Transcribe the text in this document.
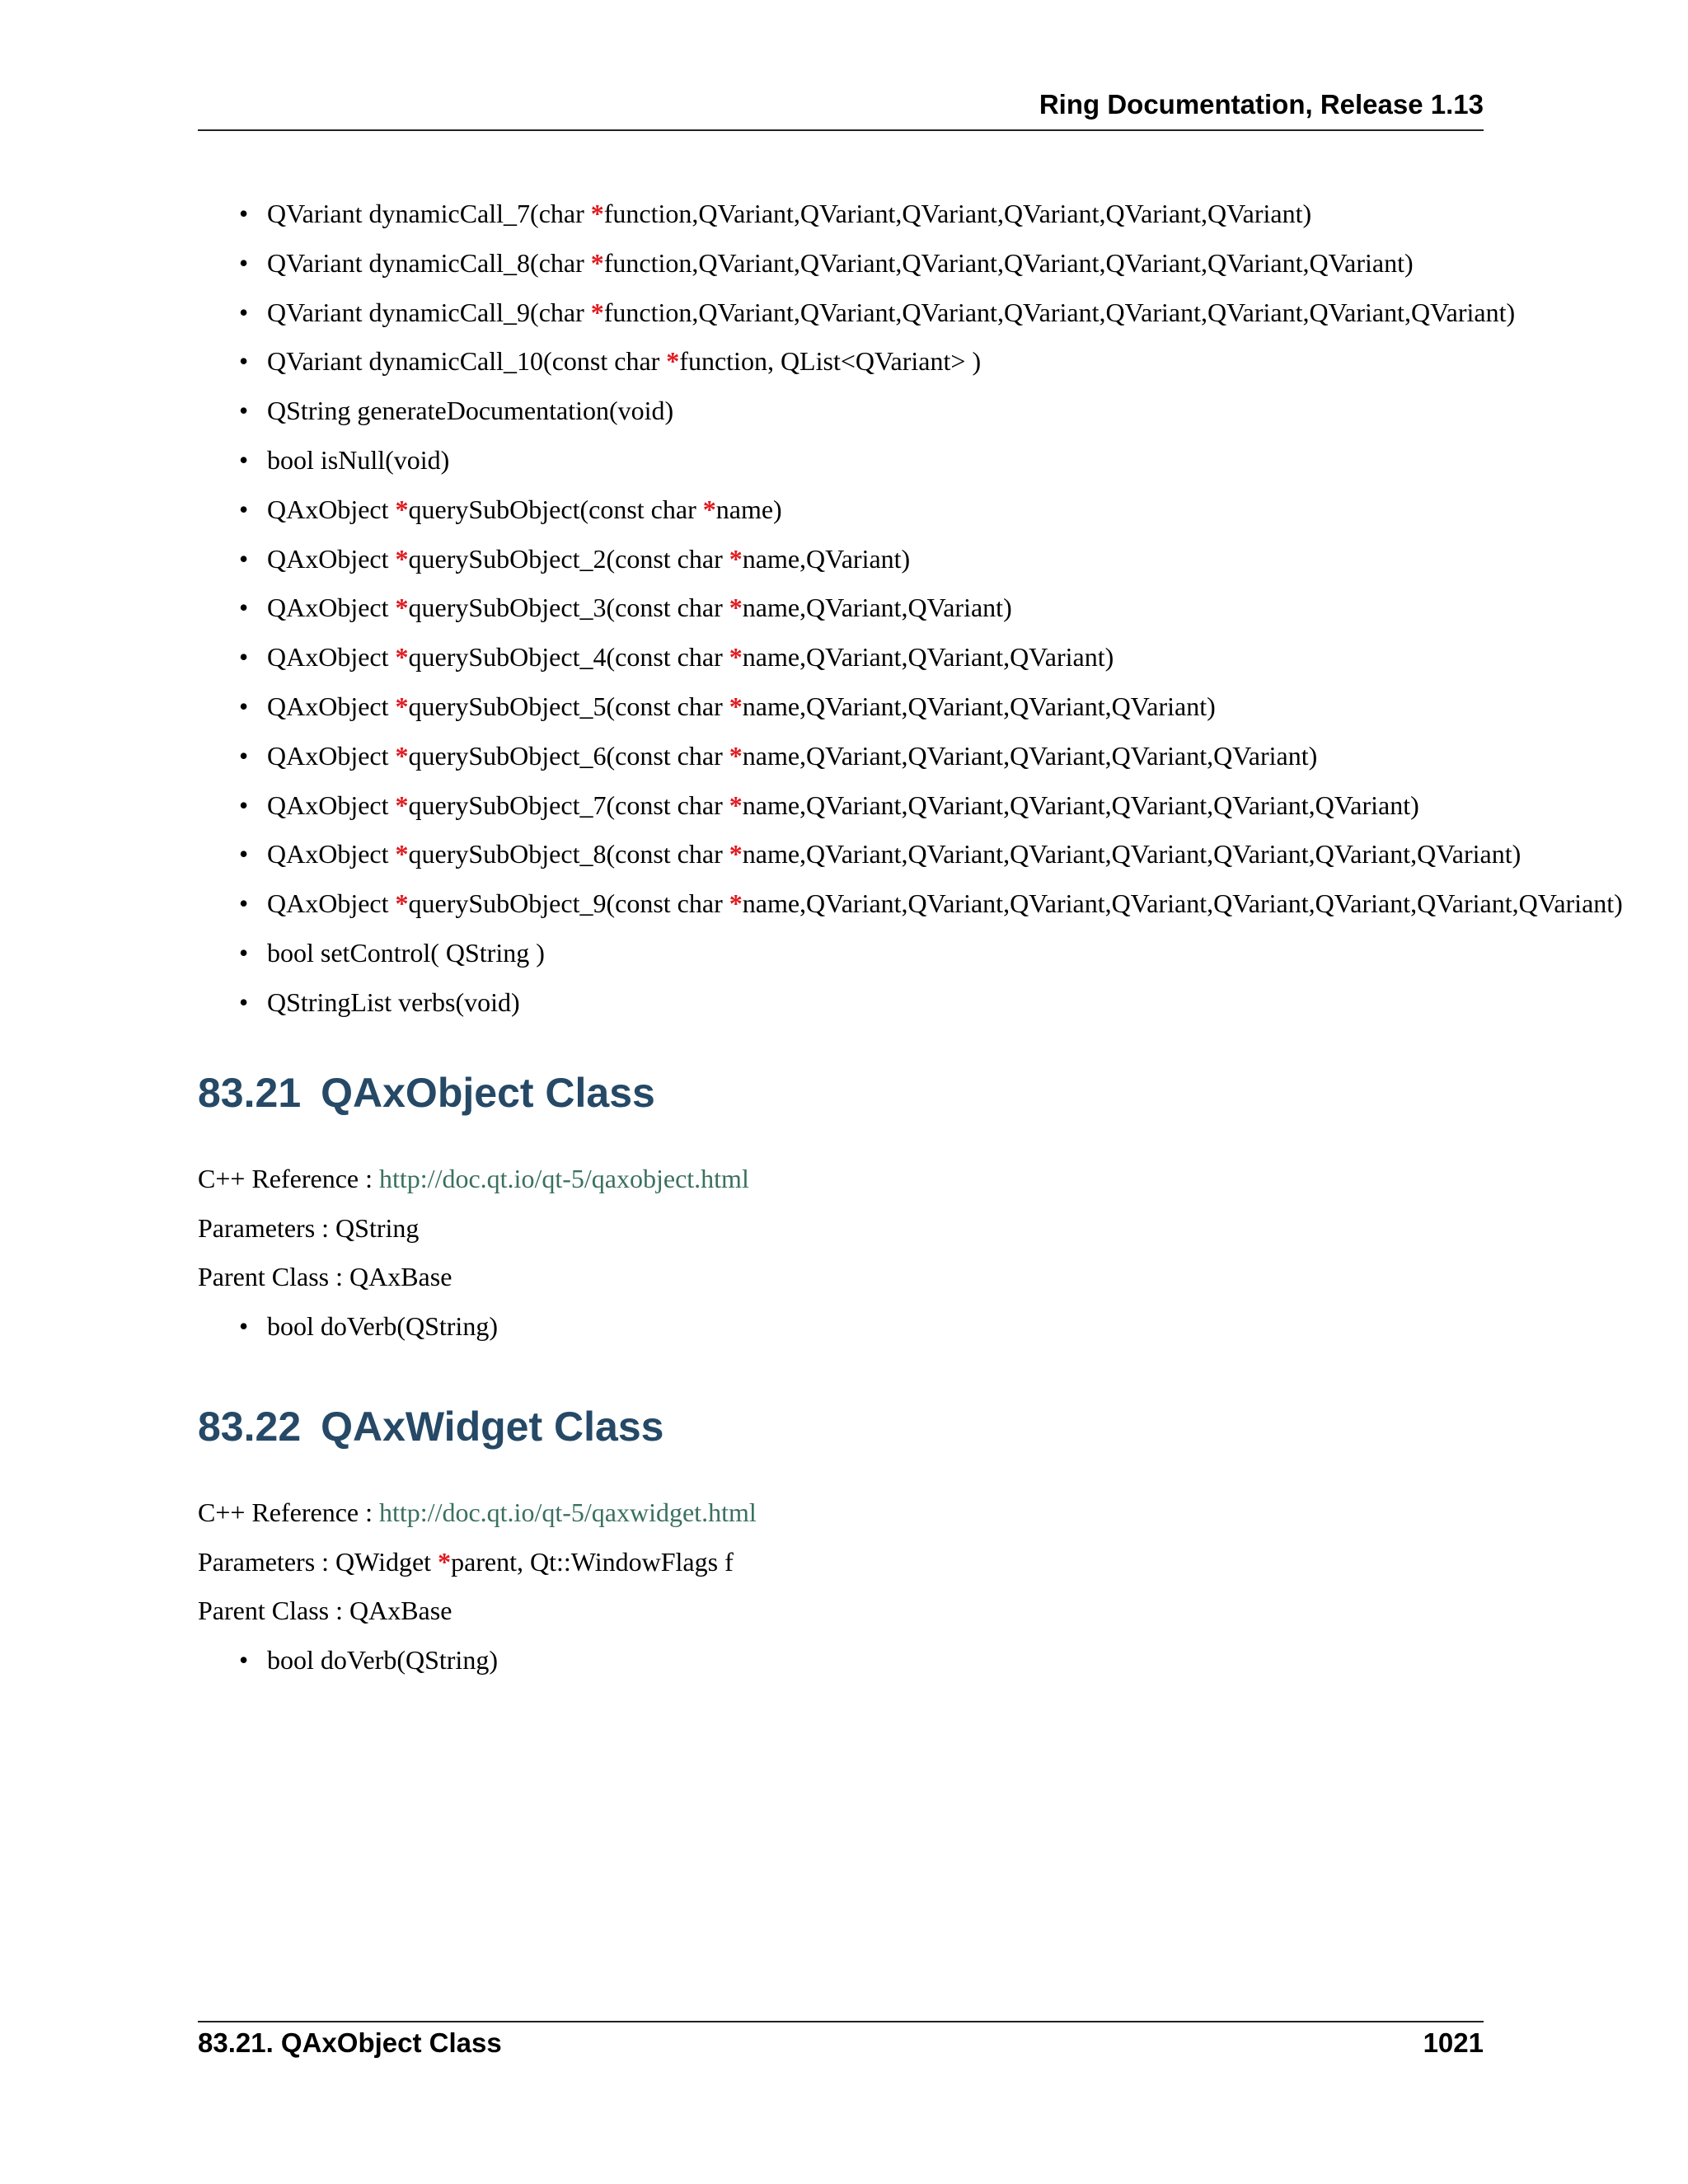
Ring Documentation, Release 1.13
• QVariant dynamicCall_7(char *function,QVariant,QVariant,QVariant,QVariant,QVariant,QVariant)
• QVariant dynamicCall_8(char *function,QVariant,QVariant,QVariant,QVariant,QVariant,QVariant,QVariant)
• QVariant dynamicCall_9(char *function,QVariant,QVariant,QVariant,QVariant,QVariant,QVariant,QVariant,QVariant)
• QVariant dynamicCall_10(const char *function, QList<QVariant> )
• QString generateDocumentation(void)
• bool isNull(void)
• QAxObject *querySubObject(const char *name)
• QAxObject *querySubObject_2(const char *name,QVariant)
• QAxObject *querySubObject_3(const char *name,QVariant,QVariant)
• QAxObject *querySubObject_4(const char *name,QVariant,QVariant,QVariant)
• QAxObject *querySubObject_5(const char *name,QVariant,QVariant,QVariant,QVariant)
• QAxObject *querySubObject_6(const char *name,QVariant,QVariant,QVariant,QVariant,QVariant)
• QAxObject *querySubObject_7(const char *name,QVariant,QVariant,QVariant,QVariant,QVariant,QVariant)
• QAxObject *querySubObject_8(const char *name,QVariant,QVariant,QVariant,QVariant,QVariant,QVariant,QVariant)
• QAxObject *querySubObject_9(const char *name,QVariant,QVariant,QVariant,QVariant,QVariant,QVariant,QVariant,QVariant)
• bool setControl( QString )
• QStringList verbs(void)
83.21 QAxObject Class
C++ Reference : http://doc.qt.io/qt-5/qaxobject.html
Parameters : QString
Parent Class : QAxBase
• bool doVerb(QString)
83.22 QAxWidget Class
C++ Reference : http://doc.qt.io/qt-5/qaxwidget.html
Parameters : QWidget *parent, Qt::WindowFlags f
Parent Class : QAxBase
• bool doVerb(QString)
83.21. QAxObject Class	1021
